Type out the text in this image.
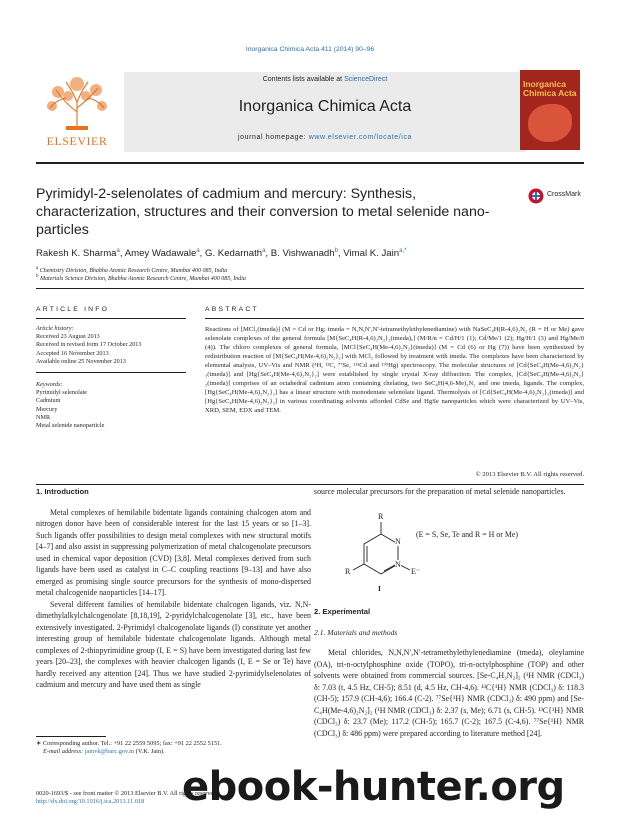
Inorganica Chimica Acta 411 (2014) 90–96
ELSEVIER
Contents lists available at ScienceDirect
Inorganica Chimica Acta
journal homepage: www.elsevier.com/locate/ica
Inorganica Chimica Acta
Pyrimidyl-2-selenolates of cadmium and mercury: Synthesis, characterization, structures and their conversion to metal selenide nano-particles
CrossMark
Rakesh K. Sharma$^a$, Amey Wadawale$^a$, G. Kedarnath$^a$, B. Vishwanadh$^b$, Vimal K. Jain$^{a,*}$
$^a$ Chemistry Division, Bhabha Atomic Research Centre, Mumbai 400 085, India
$^b$ Materials Science Division, Bhabha Atomic Research Centre, Mumbai 400 085, India
ARTICLE INFO	ABSTRACT
Article history:
Received 23 August 2013
Received in revised form 17 October 2013
Accepted 16 November 2013
Available online 25 November 2013
Keywords:
Pyrimidyl selenolate
Cadmium
Mercury
NMR
Metal selenide nanoparticle
Reactions of [MCl₂(tmeda)] (M = Cd or Hg; tmeda = N,N,N′,N′-tetramethylethylenediamine) with NaSeC₄H(R-4,6)₂N₂ (R = H or Me) gave selenolate complexes of the general formula [M{SeC₄H(R-4,6)₂N₂}₂(tmeda)ₓ] (M/R/n = Cd/H/1 (1); Cd/Me/1 (2); Hg/H/1 (3) and Hg/Me/0 (4)). The chloro complexes of general formula, [MCl{SeC₄H(Me-4,6)₂N₂}(tmeda)] (M = Cd (6) or Hg (7)) have been synthesized by redistribution reaction of [M{SeC₄H(Me-4,6)₂N₂}₂] with MCl₂ followed by treatment with tmeda. The complexes have been characterized by elemental analysis, UV–Vis and NMR (¹H, ¹³C, ⁷⁷Se, ¹¹³Cd and ¹⁹⁹Hg) spectroscopy. The molecular structures of [Cd{SeC₄H(Me-4,6)₂N₂}₂(tmeda)] and [Hg{SeC₄H(Me-4,6)₂N₂}₂] were established by single crystal X-ray diffraction. The complex, [Cd{SeC₄H(Me-4,6)₂N₂}₂(tmeda)] comprises of an octahedral cadmium atom containing chelating, two SeC₄H(4,6-Me)₂N₂ and one tmeda, ligands. The complex, [Hg{SeC₄H(Me-4,6)₂N₂}₂] has a linear structure with monodentate selenolate ligand. Thermolysis of [Cd{SeC₄H(Me-4,6)₂N₂}₂(tmeda)] and [Hg{SeC₄H(Me-4,6)₂N₂}₂] in various coordinating solvents afforded CdSe and HgSe nanoparticles which were characterized by UV–Vis, XRD, SEM, EDX and TEM.
© 2013 Elsevier B.V. All rights reserved.
1. Introduction

Metal complexes of hemilabile bidentate ligands containing chalcogen atom and nitrogen donor have been of considerable interest for the last 15 years or so [1–3]. Such ligands offer possibilities to design metal complexes with new structural motifs [4–7] and also assist in suppressing polymerization of metal chalcogenolate precursors used in chemical vapor deposition (CVD) [3,8]. Metal complexes derived from such ligands have been used as catalyst in C–C coupling reactions [9–13] and have also emerged as promising single source precursors for the synthesis of mono-dispersed metal chalcogenide naoparticles [14–17].

Several different families of hemilabile bidentate chalcogen ligands, viz. N,N-dimethylalkylchalcogenolate [8,18,19], 2-pyridylchalcogenolate [3], etc., have been extensively investigated. 2-Pyrimidyl chalcogenolate ligands (I) constitute yet another interesting group of hemilabile bidentate chalcogenolate ligands. Although metal complexes of 2-thiopyrimidine group (I, E = S) have been investigated during last few years [20–23], the complexes with heavier chalcogen ligands (I, E = Se or Te) have hardly received any attention [24]. Thus we have studied 2-pyrimidylselenolates of cadmium and mercury and have used them as single

source molecular precursors for the preparation of metal selenide nanoparticles.

R
N
N
R	E⁻
I
(E = S, Se, Te and R = H or Me)
2. Experimental
2.1. Materials and methods

Metal chlorides, N,N,N′,N′-tetramethylethylenediamine (tmeda), oleylamine (OA), tri-n-octylphosphine oxide (TOPO), tri-n-octylphosphine (TOP) and other solvents were obtained from commercial sources. [Se-C₄H₃N₂]₂ (¹H NMR (CDCl₃) δ: 7.03 (t, 4.5 Hz, CH-5); 8.51 (d, 4.5 Hz, CH-4,6). ¹³C{¹H} NMR (CDCl₃) δ: 118.3 (CH-5); 157.9 (CH-4,6); 166.4 (C-2). ⁷⁷Se{¹H} NMR (CDCl₃) δ: 490 ppm) and [Se-C₄H(Me-4,6)₂N₂]₂ (¹H NMR (CDCl₃) δ: 2.37 (s, Me); 6.71 (s, CH-5). ¹³C{¹H} NMR (CDCl₃) δ: 23.7 (Me); 117.2 (CH-5); 165.7 (C-2); 167.5 (C-4,6). ⁷⁷Se{¹H} NMR (CDCl₃) δ: 486 ppm) were prepared according to literature method [24].

∗ Corresponding author. Tel.: +91 22 2559 5095; fax: +91 22 2552 5151.
E-mail address: jainvk@barc.gov.in (V.K. Jain).
0020-1693/$ - see front matter © 2013 Elsevier B.V. All rights reserved.
http://dx.doi.org/10.1016/j.ica.2013.11.018 ebook-hunter.org
